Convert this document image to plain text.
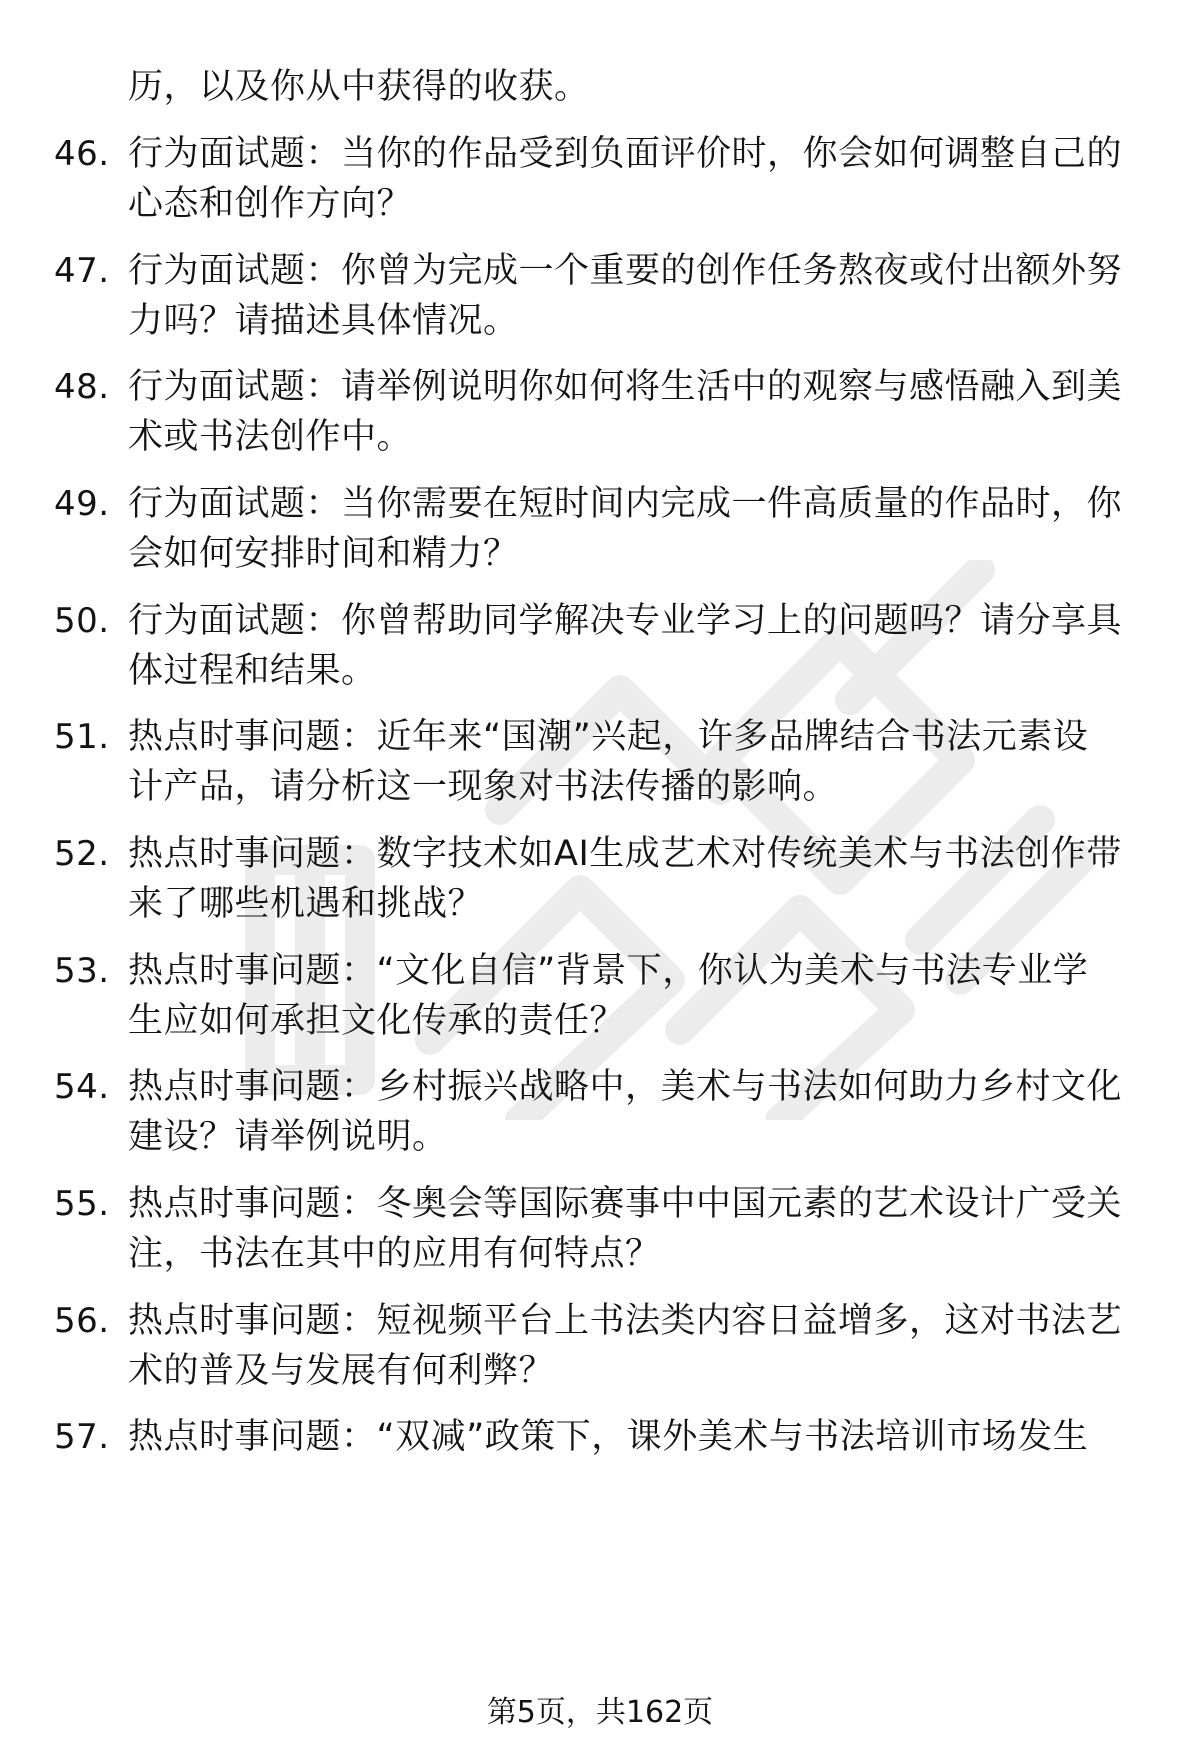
历，以及你从中获得的收获。
46. 行为面试题：当你的作品受到负面评价时，你会如何调整自己的
心态和创作方向？
47. 行为面试题：你曾为完成一个重要的创作任务熬夜或付出额外努
力吗？请描述具体情况。
48. 行为面试题：请举例说明你如何将生活中的观察与感悟融入到美
术或书法创作中。
49. 行为面试题：当你需要在短时间内完成一件高质量的作品时，你
会如何安排时间和精力？
50. 行为面试题：你曾帮助同学解决专业学习上的问题吗？请分享具
体过程和结果。
51. 热点时事问题：近年来“国潮”兴起，许多品牌结合书法元素设
计产品，请分析这一现象对书法传播的影响。
52. 热点时事问题：数字技术如AI生成艺术对传统美术与书法创作带
来了哪些机遇和挑战？
53. 热点时事问题：“文化自信”背景下，你认为美术与书法专业学
生应如何承担文化传承的责任？
54. 热点时事问题：乡村振兴战略中，美术与书法如何助力乡村文化
建设？请举例说明。
55. 热点时事问题：冬奥会等国际赛事中中国元素的艺术设计广受关
注，书法在其中的应用有何特点？
56. 热点时事问题：短视频平台上书法类内容日益增多，这对书法艺
术的普及与发展有何利弊？
57. 热点时事问题：“双减”政策下，课外美术与书法培训市场发生
第5页，共162页
